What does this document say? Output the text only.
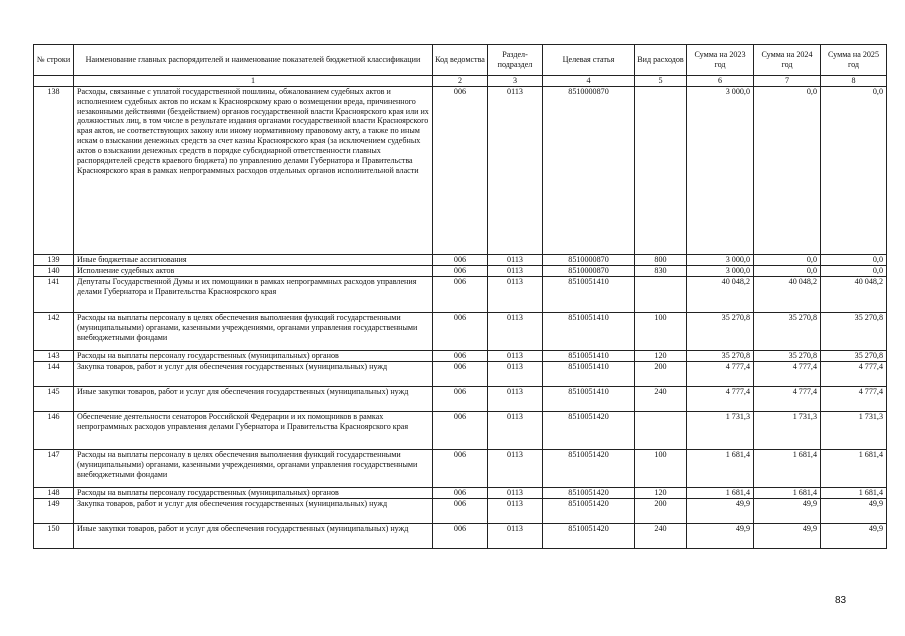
№ строки	Наименование главных распорядителей и наименование показателей бюджетной классификации	Код ведомства	Раздел-подраздел	Целевая статья	Вид расходов	Сумма на 2023 год	Сумма на 2024 год	Сумма на 2025 год
	1	2	3	4	5	6	7	8
138	Расходы, связанные с уплатой государственной пошлины, обжалованием судебных актов и исполнением судебных актов по искам к Красноярскому краю о возмещении вреда, причиненного незаконными действиями (бездействием) органов государственной власти Красноярского края или их должностных лиц, в том числе в результате издания органами государственной власти Красноярского края актов, не соответствующих закону или иному нормативному правовому акту, а также по иным искам о взыскании денежных средств за счет казны Красноярского края (за исключением судебных актов о взыскании денежных средств в порядке субсидиарной ответственности главных распорядителей средств краевого бюджета) по управлению делами Губернатора и Правительства Красноярского края в рамках непрограммных расходов отдельных органов исполнительной власти	006	0113	8510000870		3 000,0	0,0	0,0
139	Иные бюджетные ассигнования	006	0113	8510000870	800	3 000,0	0,0	0,0
140	Исполнение судебных актов	006	0113	8510000870	830	3 000,0	0,0	0,0
141	Депутаты Государственной Думы и их помощники в рамках непрограммных расходов управления делами Губернатора и Правительства Красноярского края	006	0113	8510051410		40 048,2	40 048,2	40 048,2
142	Расходы на выплаты персоналу в целях обеспечения выполнения функций государственными (муниципальными) органами, казенными учреждениями, органами управления государственными внебюджетными фондами	006	0113	8510051410	100	35 270,8	35 270,8	35 270,8
143	Расходы на выплаты персоналу государственных (муниципальных) органов	006	0113	8510051410	120	35 270,8	35 270,8	35 270,8
144	Закупка товаров, работ и услуг для обеспечения государственных (муниципальных) нужд	006	0113	8510051410	200	4 777,4	4 777,4	4 777,4
145	Иные закупки товаров, работ и услуг для обеспечения государственных (муниципальных) нужд	006	0113	8510051410	240	4 777,4	4 777,4	4 777,4
146	Обеспечение деятельности сенаторов Российской Федерации и их помощников в рамках непрограммных расходов управления делами Губернатора и Правительства Красноярского края	006	0113	8510051420		1 731,3	1 731,3	1 731,3
147	Расходы на выплаты персоналу в целях обеспечения выполнения функций государственными (муниципальными) органами, казенными учреждениями, органами управления государственными внебюджетными фондами	006	0113	8510051420	100	1 681,4	1 681,4	1 681,4
148	Расходы на выплаты персоналу государственных (муниципальных) органов	006	0113	8510051420	120	1 681,4	1 681,4	1 681,4
149	Закупка товаров, работ и услуг для обеспечения государственных (муниципальных) нужд	006	0113	8510051420	200	49,9	49,9	49,9
150	Иные закупки товаров, работ и услуг для обеспечения государственных (муниципальных) нужд	006	0113	8510051420	240	49,9	49,9	49,9
83
